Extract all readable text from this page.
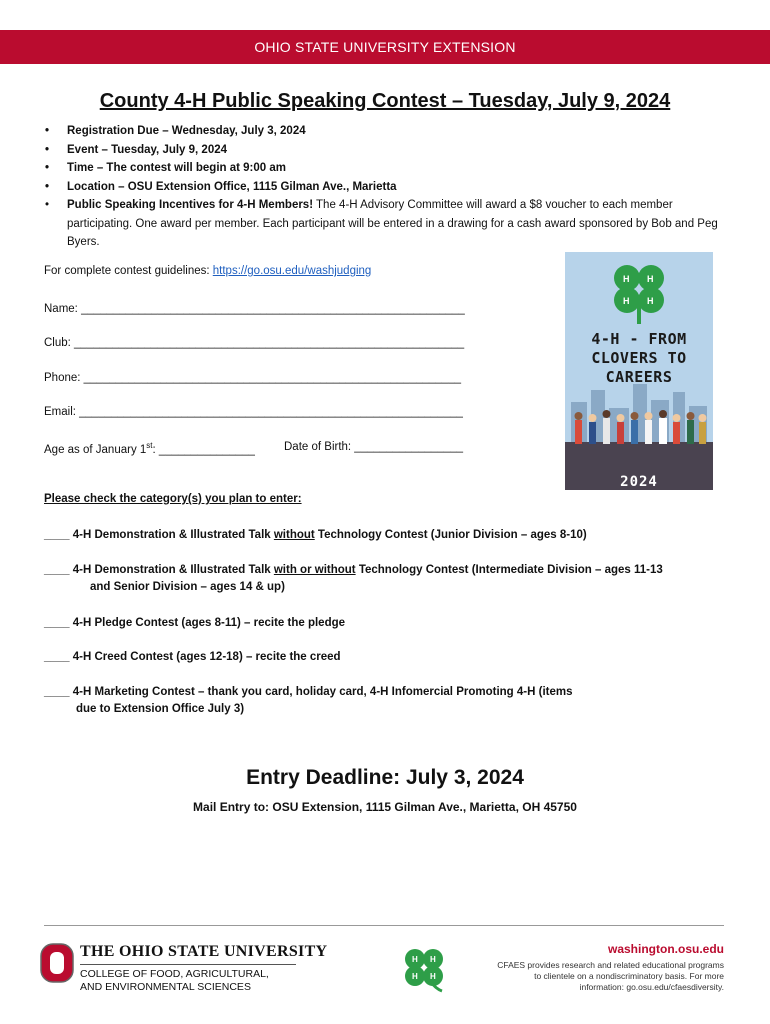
OHIO STATE UNIVERSITY EXTENSION
County 4-H Public Speaking Contest – Tuesday, July 9, 2024
• Registration Due – Wednesday, July 3, 2024
• Event – Tuesday, July 9, 2024
• Time – The contest will begin at 9:00 am
• Location – OSU Extension Office, 1115 Gilman Ave., Marietta
• Public Speaking Incentives for 4-H Members! The 4-H Advisory Committee will award a $8 voucher to each member participating. One award per member. Each participant will be entered in a drawing for a cash award sponsored by Bob and Peg Byers.
For complete contest guidelines: https://go.osu.edu/washjudging
Name: ____________________________________________________________
Club: _____________________________________________________________
Phone: ___________________________________________________________
Email: ____________________________________________________________
Age as of January 1st: _______________	Date of Birth: _________________
H H
H H
4-H - FROM
CLOVERS TO
CAREERS
2024
Please check the category(s) you plan to enter:
____ 4-H Demonstration & Illustrated Talk without Technology Contest (Junior Division – ages 8-10)
____ 4-H Demonstration & Illustrated Talk with or without Technology Contest (Intermediate Division – ages 11-13
and Senior Division – ages 14 & up)
____ 4-H Pledge Contest (ages 8-11) – recite the pledge
____ 4-H Creed Contest (ages 12-18) – recite the creed
____ 4-H Marketing Contest – thank you card, holiday card, 4-H Infomercial Promoting 4-H (items
due to Extension Office July 3)
Entry Deadline: July 3, 2024
Mail Entry to: OSU Extension, 1115 Gilman Ave., Marietta, OH 45750
THE OHIO STATE UNIVERSITY
COLLEGE OF FOOD, AGRICULTURAL,
AND ENVIRONMENTAL SCIENCES
H H
H H
washington.osu.edu
CFAES provides research and related educational programs to clientele on a nondiscriminatory basis. For more information: go.osu.edu/cfaesdiversity.
